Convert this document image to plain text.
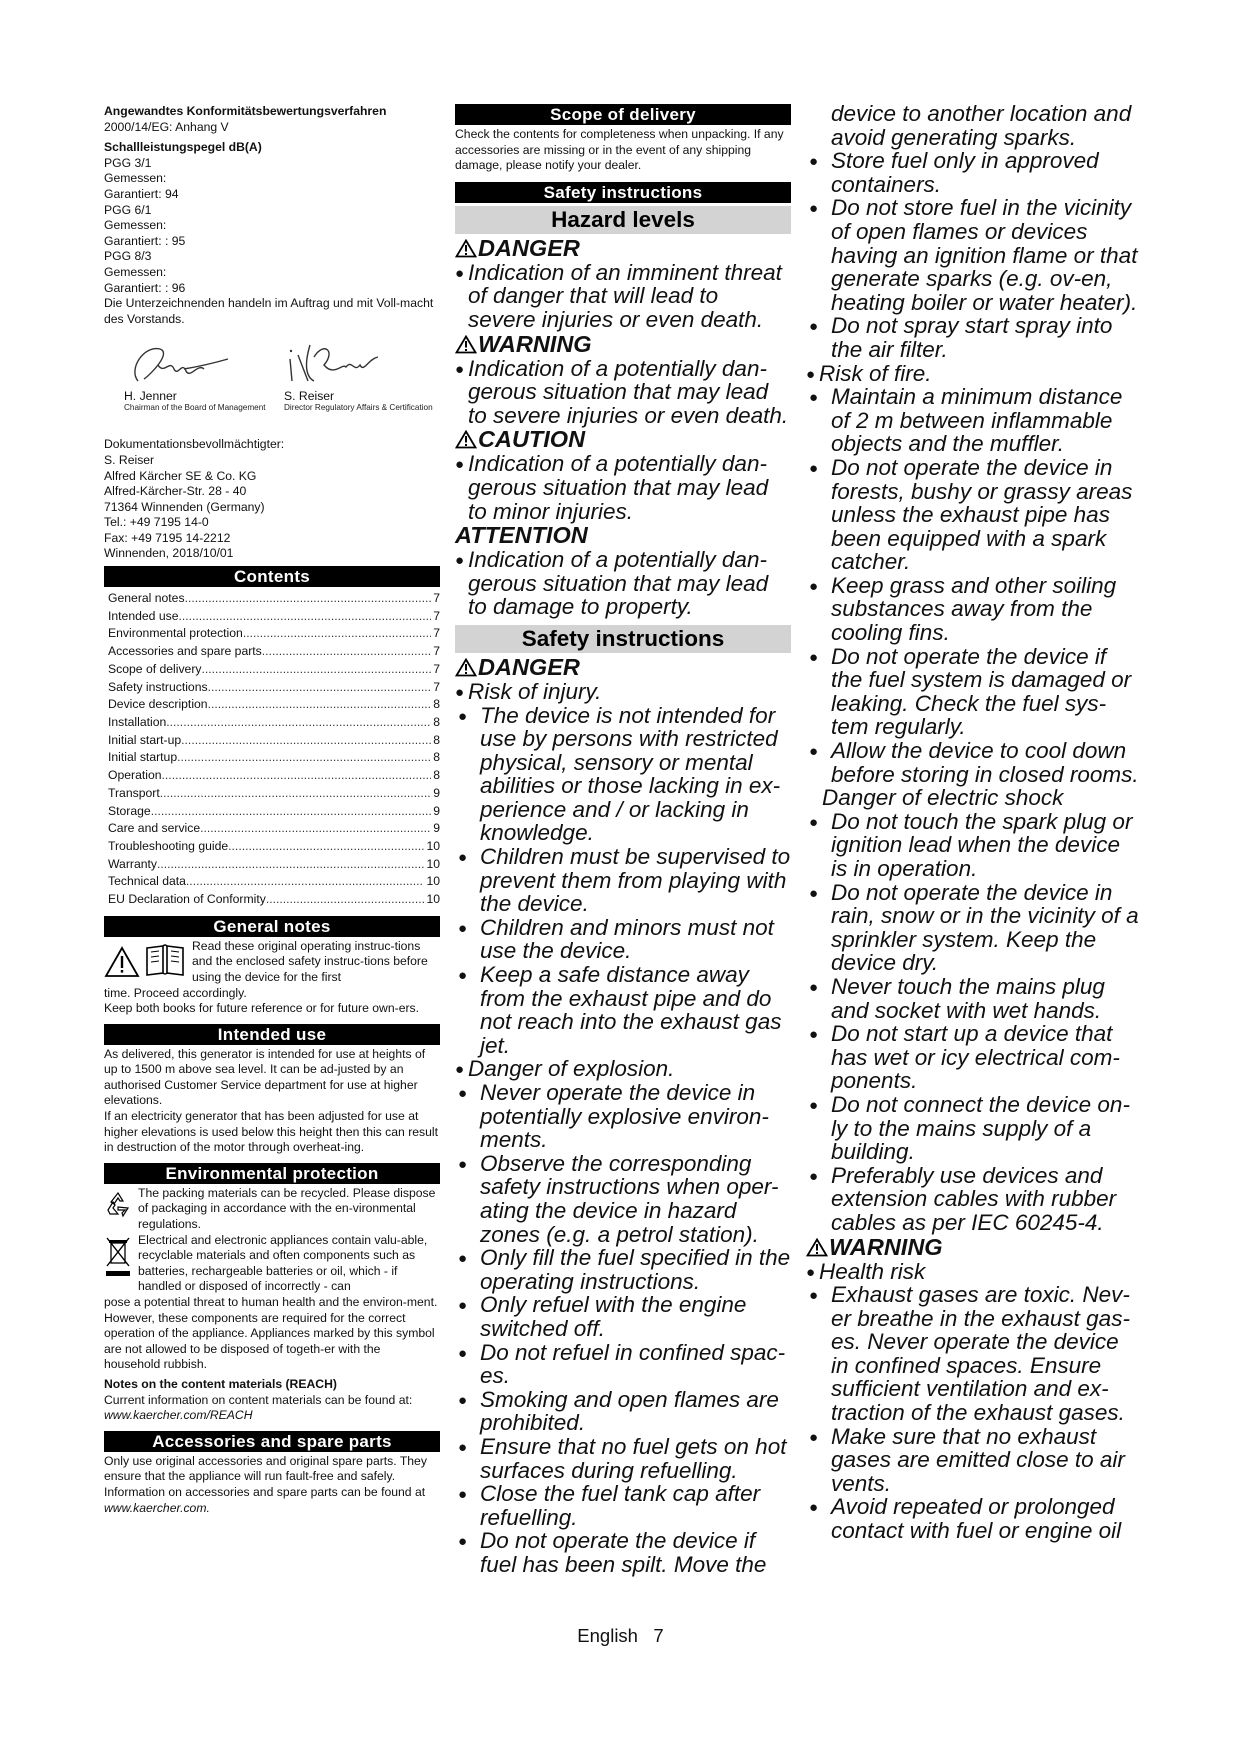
Angewandtes Konformitätsbewertungsverfahren

2000/14/EG: Anhang V

Schallleistungspegel dB(A)

PGG 3/1

Gemessen:

Garantiert: 94

PGG 6/1

Gemessen:

Garantiert: : 95

PGG 8/3

Gemessen:

Garantiert: : 96

Die Unterzeichnenden handeln im Auftrag und mit Voll-macht des Vorstands.

H. Jenner
Chairman of the Board of Management
S. Reiser
Director Regulatory Affairs & Certification

Dokumentationsbevollmächtigter:

S. Reiser

Alfred Kärcher SE & Co. KG

Alfred-Kärcher-Str. 28 - 40

71364 Winnenden (Germany)

Tel.: +49 7195 14-0

Fax: +49 7195 14-2212

Winnenden, 2018/10/01

Contents

General notes .....	7
Intended use .....	7
Environmental protection .....	7
Accessories and spare parts .....	7
Scope of delivery .....	7
Safety instructions .....	7
Device description .....	8
Installation .....	8
Initial start-up .....	8
Initial startup .....	8
Operation .....	8
Transport .....	9
Storage .....	9
Care and service .....	9
Troubleshooting guide .....	10
Warranty .....	10
Technical data .....	10
EU Declaration of Conformity .....	10

General notes

Read these original operating instruc-tions and the enclosed safety instruc-tions before using the device for the first

time. Proceed accordingly.

Keep both books for future reference or for future own-ers.

Intended use

As delivered, this generator is intended for use at heights of up to 1500 m above sea level. It can be ad-justed by an authorised Customer Service department for use at higher elevations.

If an electricity generator that has been adjusted for use at higher elevations is used below this height then this can result in destruction of the motor through overheat-ing.

Environmental protection

The packing materials can be recycled. Please dispose of packaging in accordance with the en-vironmental regulations.

Electrical and electronic appliances contain valu-able, recyclable materials and often components such as batteries, rechargeable batteries or oil, which - if handled or disposed of incorrectly - can

pose a potential threat to human health and the environ-ment. However, these components are required for the correct operation of the appliance. Appliances marked by this symbol are not allowed to be disposed of togeth-er with the household rubbish.

Notes on the content materials (REACH)

Current information on content materials can be found at: www.kaercher.com/REACH

Accessories and spare parts

Only use original accessories and original spare parts. They ensure that the appliance will run fault-free and safely.

Information on accessories and spare parts can be found at www.kaercher.com.

Scope of delivery

Check the contents for completeness when unpacking. If any accessories are missing or in the event of any shipping damage, please notify your dealer.

Safety instructions

Hazard levels

DANGER

● Indication of an imminent threat of danger that will lead to severe injuries or even death.

WARNING

● Indication of a potentially dan-gerous situation that may lead to severe injuries or even death.

CAUTION

● Indication of a potentially dan-gerous situation that may lead to minor injuries.

ATTENTION

● Indication of a potentially dan-gerous situation that may lead to damage to property.

Safety instructions

DANGER

● Risk of injury.

● The device is not intended for use by persons with restricted physical, sensory or mental abilities or those lacking in ex-perience and / or lacking in knowledge.

● Children must be supervised to prevent them from playing with the device.

● Children and minors must not use the device.

● Keep a safe distance away from the exhaust pipe and do not reach into the exhaust gas jet.

● Danger of explosion.

● Never operate the device in potentially explosive environ-ments.

● Observe the corresponding safety instructions when oper-ating the device in hazard zones (e.g. a petrol station).

● Only fill the fuel specified in the operating instructions.

● Only refuel with the engine switched off.

● Do not refuel in confined spac-es.

● Smoking and open flames are prohibited.

● Ensure that no fuel gets on hot surfaces during refuelling.

● Close the fuel tank cap after refuelling.

● Do not operate the device if fuel has been spilt. Move the

device to another location and avoid generating sparks.

● Store fuel only in approved containers.

● Do not store fuel in the vicinity of open flames or devices having an ignition flame or that generate sparks (e.g. ov-en, heating boiler or water heater).

● Do not spray start spray into the air filter.

● Risk of fire.

● Maintain a minimum distance of 2 m between inflammable objects and the muffler.

● Do not operate the device in forests, bushy or grassy areas unless the exhaust pipe has been equipped with a spark catcher.

● Keep grass and other soiling substances away from the cooling fins.

● Do not operate the device if the fuel system is damaged or leaking. Check the fuel sys-tem regularly.

● Allow the device to cool down before storing in closed rooms.

Danger of electric shock

● Do not touch the spark plug or ignition lead when the device is in operation.

● Do not operate the device in rain, snow or in the vicinity of a sprinkler system. Keep the device dry.

● Never touch the mains plug and socket with wet hands.

● Do not start up a device that has wet or icy electrical com-ponents.

● Do not connect the device on-ly to the mains supply of a building.

● Preferably use devices and extension cables with rubber cables as per IEC 60245-4.

WARNING

● Health risk

● Exhaust gases are toxic. Nev-er breathe in the exhaust gas-es. Never operate the device in confined spaces. Ensure sufficient ventilation and ex-traction of the exhaust gases.

● Make sure that no exhaust gases are emitted close to air vents.

● Avoid repeated or prolonged contact with fuel or engine oil

English 7
